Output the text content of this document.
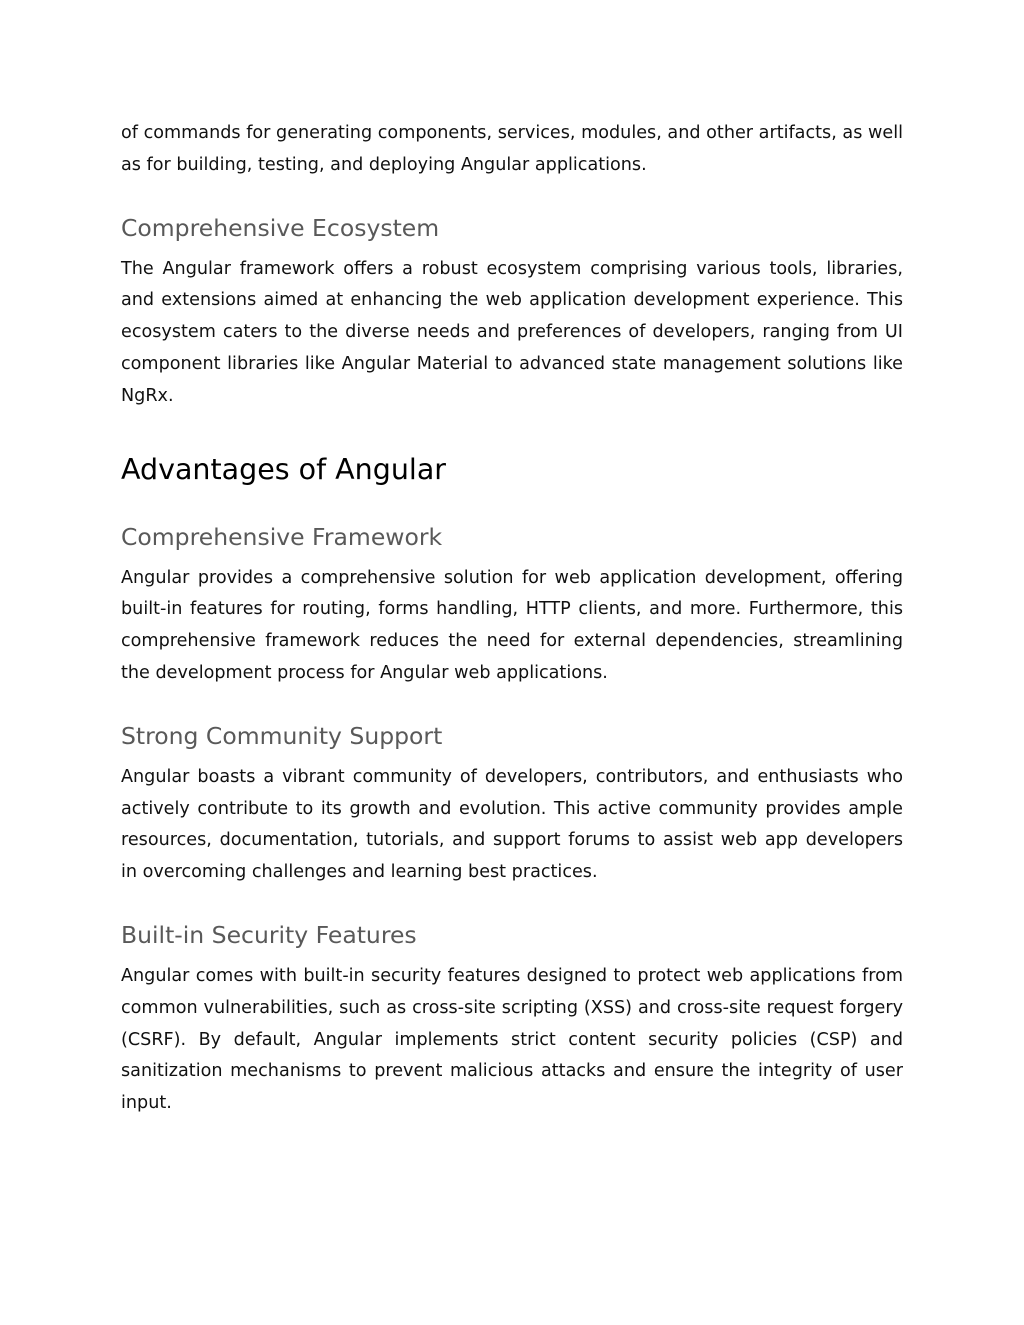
of commands for generating components, services, modules, and other artifacts, as well as for building, testing, and deploying Angular applications.

Comprehensive Ecosystem

The Angular framework offers a robust ecosystem comprising various tools, libraries, and extensions aimed at enhancing the web application development experience. This ecosystem caters to the diverse needs and preferences of developers, ranging from UI component libraries like Angular Material to advanced state management solutions like NgRx.

Advantages of Angular
Comprehensive Framework

Angular provides a comprehensive solution for web application development, offering built-in features for routing, forms handling, HTTP clients, and more. Furthermore, this comprehensive framework reduces the need for external dependencies, streamlining the development process for Angular web applications.

Strong Community Support

Angular boasts a vibrant community of developers, contributors, and enthusiasts who actively contribute to its growth and evolution. This active community provides ample resources, documentation, tutorials, and support forums to assist web app developers in overcoming challenges and learning best practices.

Built-in Security Features

Angular comes with built-in security features designed to protect web applications from common vulnerabilities, such as cross-site scripting (XSS) and cross-site request forgery (CSRF). By default, Angular implements strict content security policies (CSP) and sanitization mechanisms to prevent malicious attacks and ensure the integrity of user input.
